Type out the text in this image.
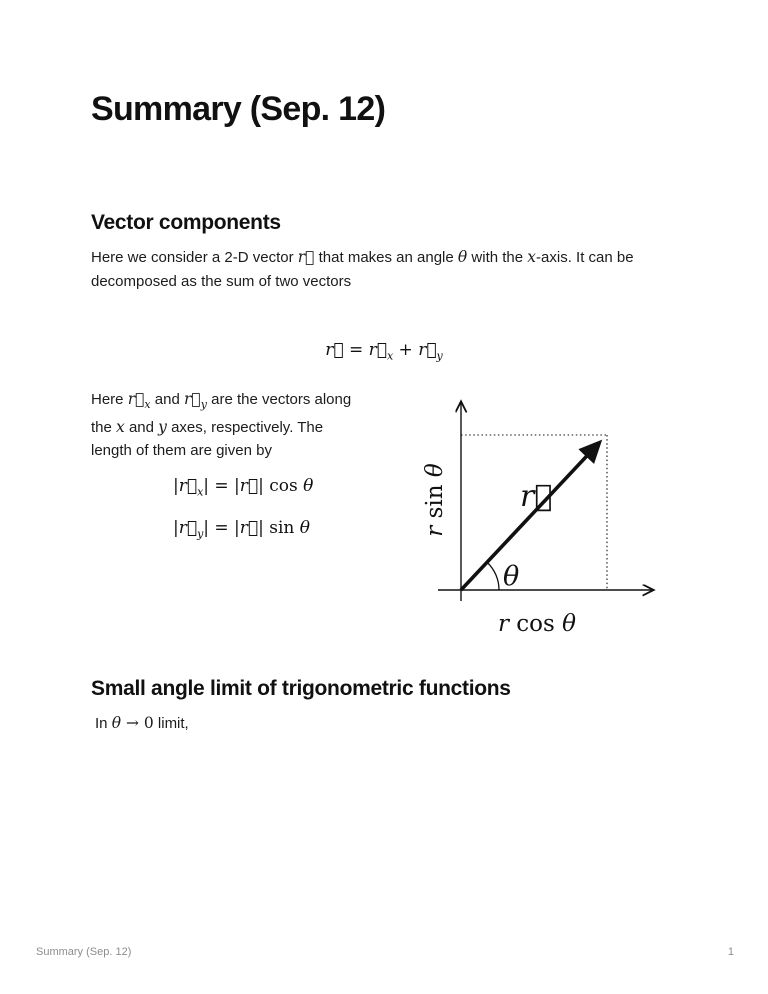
Summary (Sep. 12)
Vector components

Here we consider a 2-D vector r⃗ that makes an angle θ with the x-axis. It can be decomposed as the sum of two vectors

r⃗ = $r⃗_x$ + $r⃗_y$

Here $r⃗_x$ and $r⃗_y$ are the vectors along the x and y axes, respectively. The length of them are given by

$|r⃗_x|$ = |r⃗| cos θ
$|r⃗_y|$ = |r⃗| sin θ
r⃗
θ
r sin θ
r cos θ
Small angle limit of trigonometric functions

In θ → 0 limit,

Summary (Sep. 12)	1
